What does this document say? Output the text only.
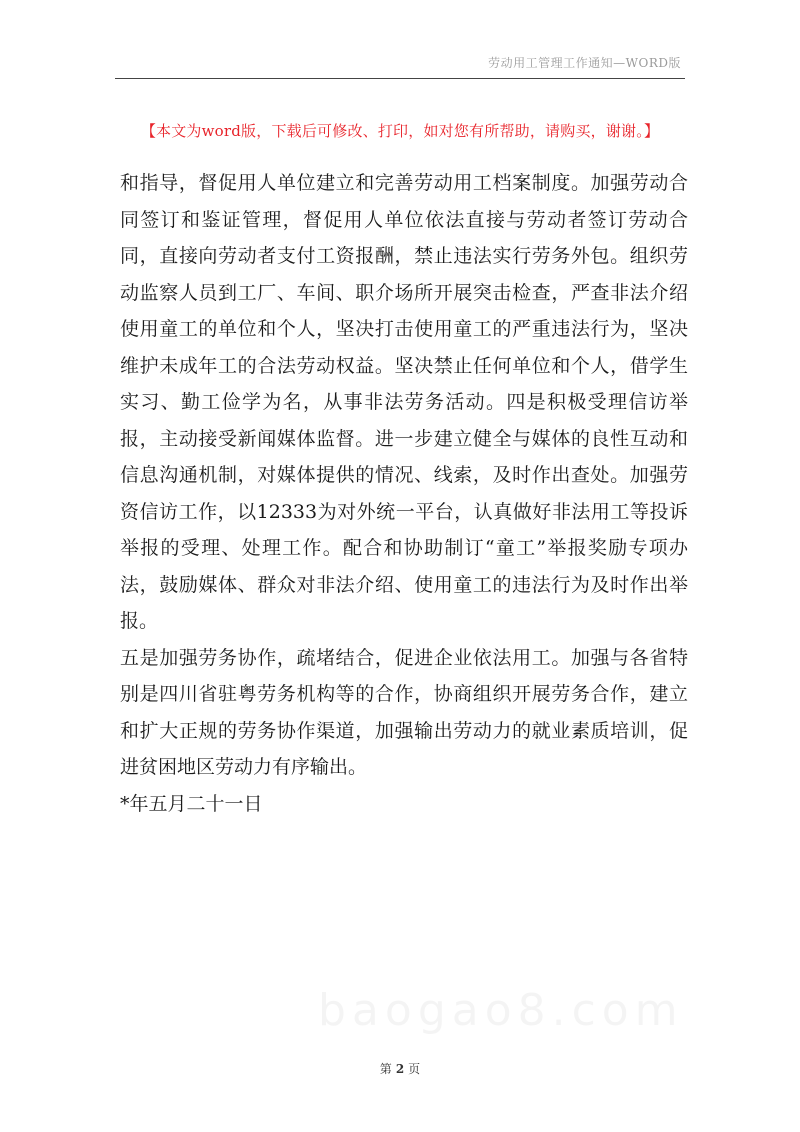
劳动用工管理工作通知—WORD版
【本文为word版，下载后可修改、打印，如对您有所帮助，请购买，谢谢。】

和指导，督促用人单位建立和完善劳动用工档案制度。加强劳动合同签订和鉴证管理，督促用人单位依法直接与劳动者签订劳动合同，直接向劳动者支付工资报酬，禁止违法实行劳务外包。组织劳动监察人员到工厂、车间、职介场所开展突击检查，严查非法介绍使用童工的单位和个人，坚决打击使用童工的严重违法行为，坚决维护未成年工的合法劳动权益。坚决禁止任何单位和个人，借学生实习、勤工俭学为名，从事非法劳务活动。四是积极受理信访举报，主动接受新闻媒体监督。进一步建立健全与媒体的良性互动和信息沟通机制，对媒体提供的情况、线索，及时作出查处。加强劳资信访工作，以12333为对外统一平台，认真做好非法用工等投诉举报的受理、处理工作。配合和协助制订“童工”举报奖励专项办法，鼓励媒体、群众对非法介绍、使用童工的违法行为及时作出举报。

五是加强劳务协作，疏堵结合，促进企业依法用工。加强与各省特别是四川省驻粤劳务机构等的合作，协商组织开展劳务合作，建立和扩大正规的劳务协作渠道，加强输出劳动力的就业素质培训，促进贫困地区劳动力有序输出。

*年五月二十一日

第 2 页
